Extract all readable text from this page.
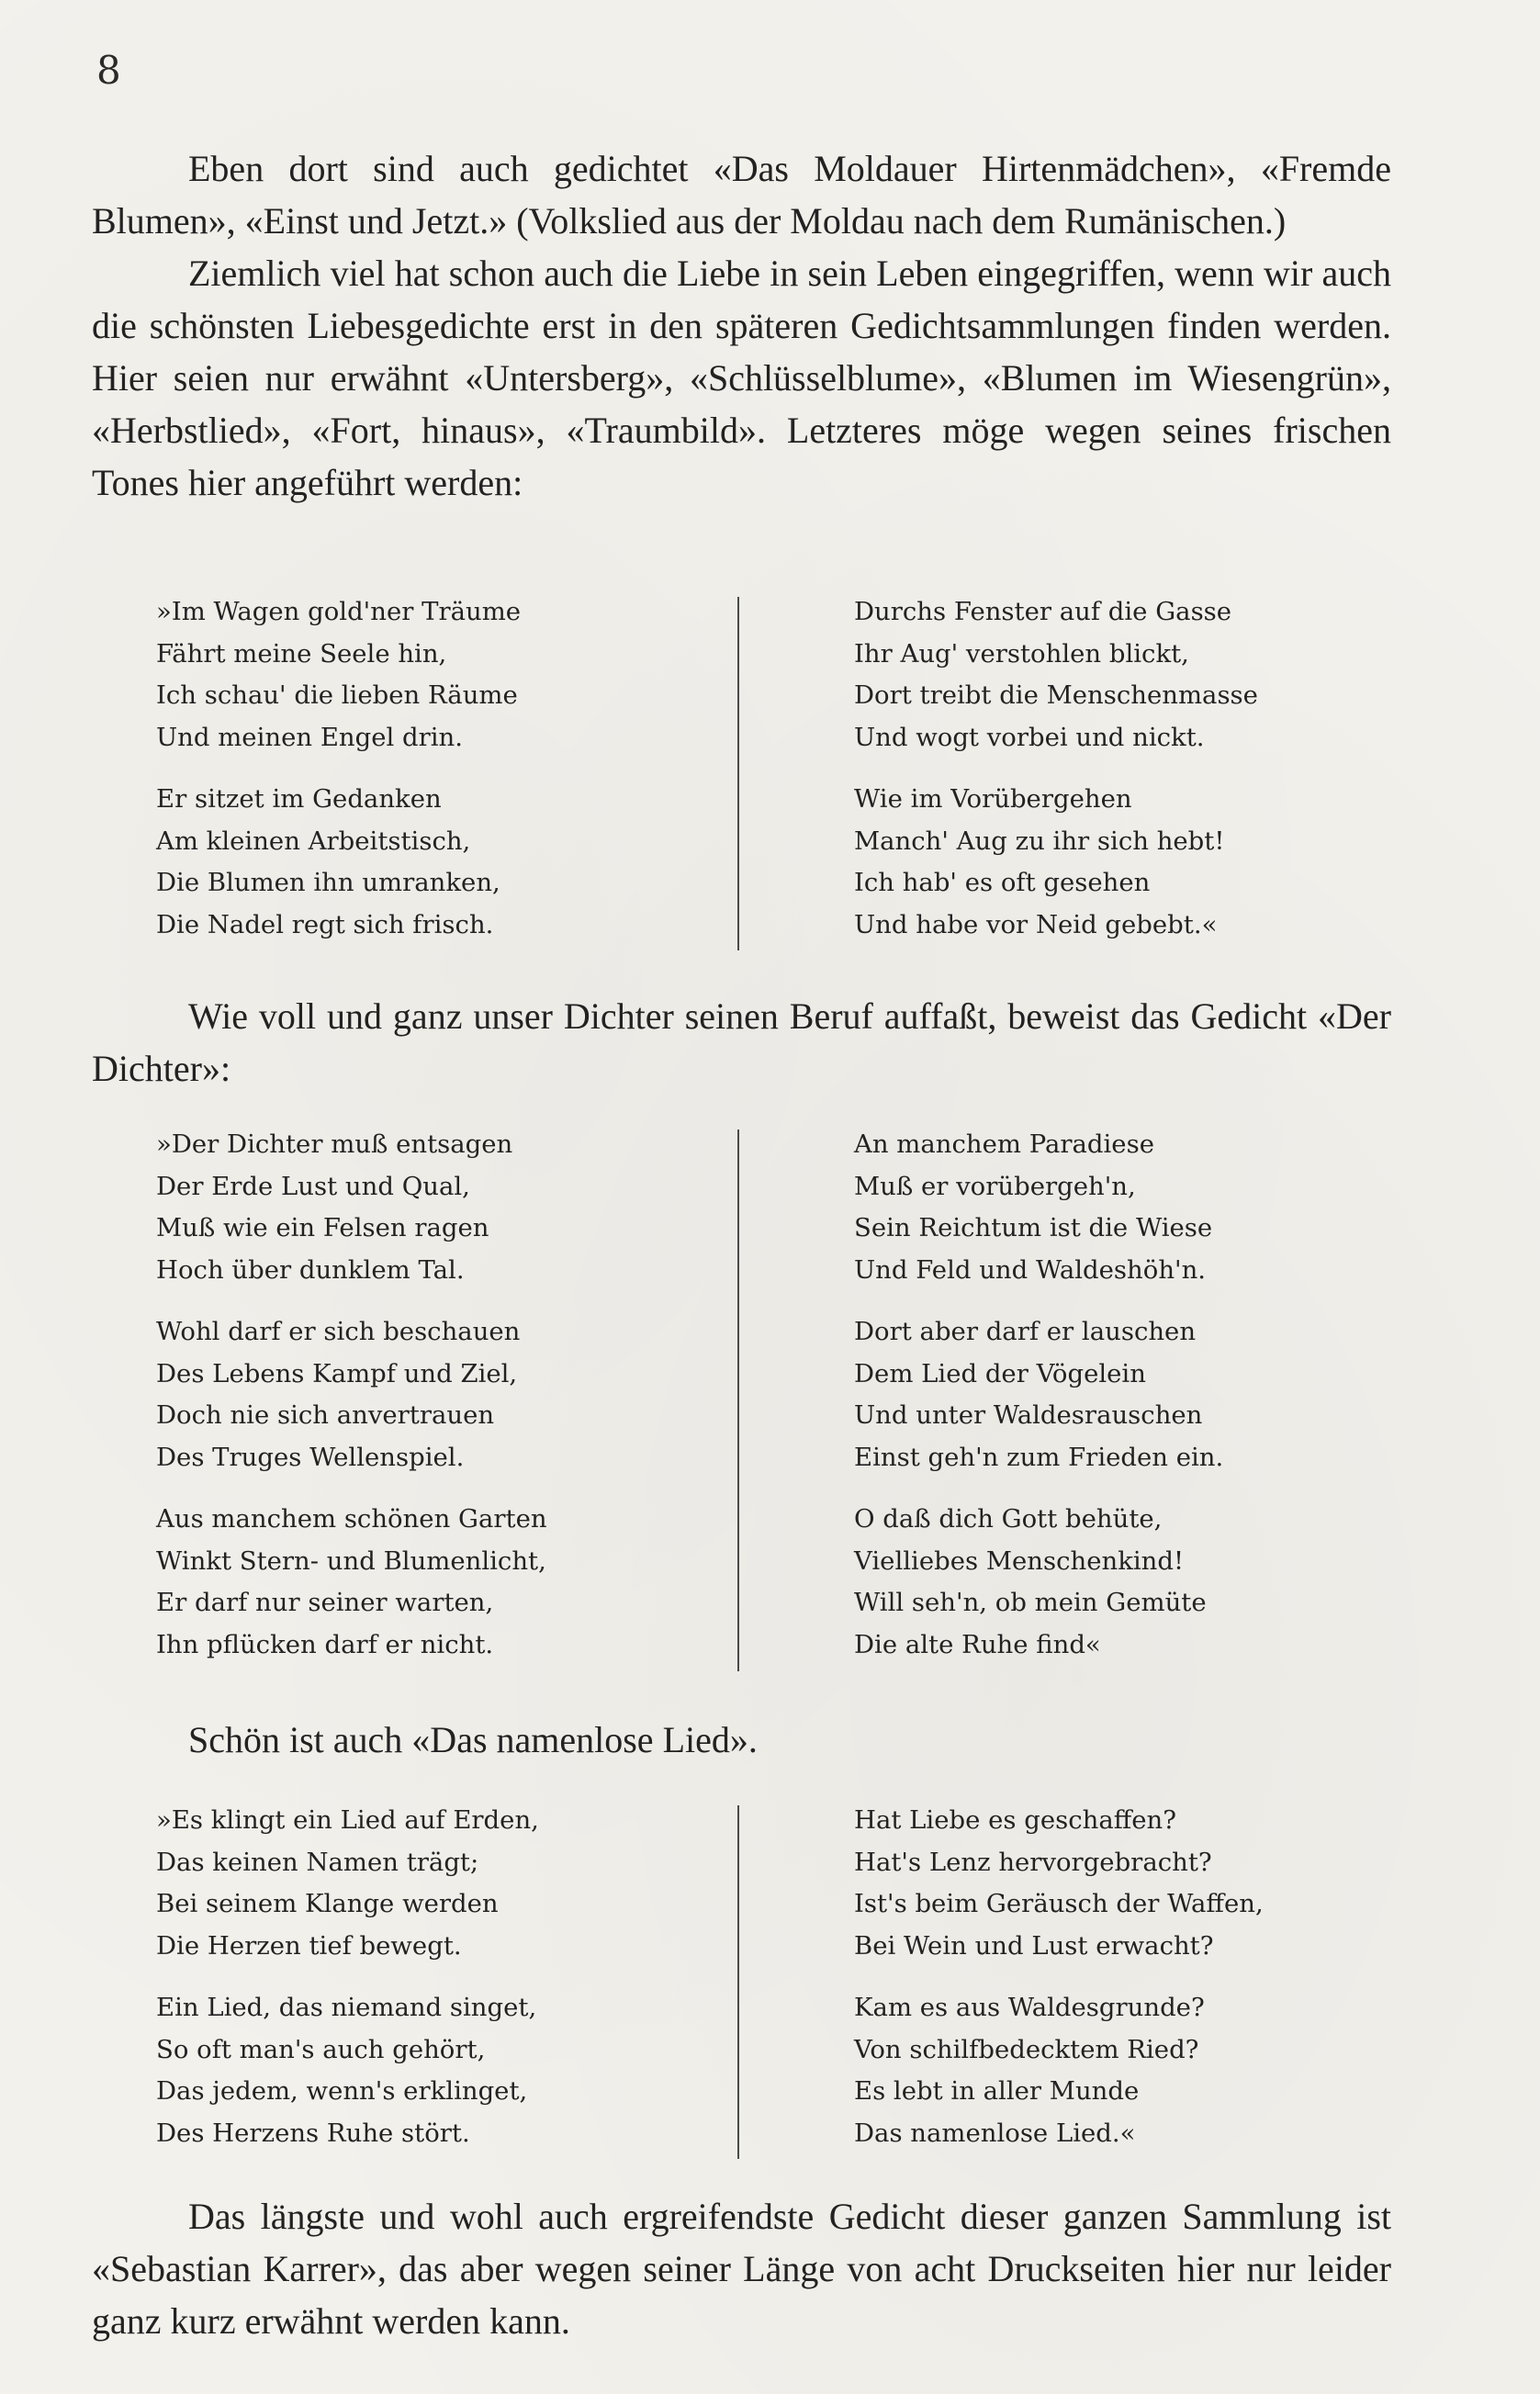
8

Eben dort sind auch gedichtet «Das Moldauer Hirtenmädchen», «Fremde Blumen», «Einst und Jetzt.» (Volkslied aus der Moldau nach dem Rumänischen.)

Ziemlich viel hat schon auch die Liebe in sein Leben eingegriffen, wenn wir auch die schönsten Liebesgedichte erst in den späteren Gedichtsammlungen finden werden. Hier seien nur erwähnt «Untersberg», «Schlüsselblume», «Blumen im Wiesengrün», «Herbstlied», «Fort, hinaus», «Traumbild». Letzteres möge wegen seines frischen Tones hier angeführt werden:

»Im Wagen gold'ner Träume
Fährt meine Seele hin,
Ich schau' die lieben Räume
Und meinen Engel drin.
Er sitzet im Gedanken
Am kleinen Arbeitstisch,
Die Blumen ihn umranken,
Die Nadel regt sich frisch.
Durchs Fenster auf die Gasse
Ihr Aug' verstohlen blickt,
Dort treibt die Menschenmasse
Und wogt vorbei und nickt.
Wie im Vorübergehen
Manch' Aug zu ihr sich hebt!
Ich hab' es oft gesehen
Und habe vor Neid gebebt.«

Wie voll und ganz unser Dichter seinen Beruf auffaßt, beweist das Gedicht «Der Dichter»:

»Der Dichter muß entsagen
Der Erde Lust und Qual,
Muß wie ein Felsen ragen
Hoch über dunklem Tal.
Wohl darf er sich beschauen
Des Lebens Kampf und Ziel,
Doch nie sich anvertrauen
Des Truges Wellenspiel.
Aus manchem schönen Garten
Winkt Stern- und Blumenlicht,
Er darf nur seiner warten,
Ihn pflücken darf er nicht.
An manchem Paradiese
Muß er vorübergeh'n,
Sein Reichtum ist die Wiese
Und Feld und Waldeshöh'n.
Dort aber darf er lauschen
Dem Lied der Vögelein
Und unter Waldesrauschen
Einst geh'n zum Frieden ein.
O daß dich Gott behüte,
Vielliebes Menschenkind!
Will seh'n, ob mein Gemüte
Die alte Ruhe find«
Schön ist auch «Das namenlose Lied».
»Es klingt ein Lied auf Erden,
Das keinen Namen trägt;
Bei seinem Klange werden
Die Herzen tief bewegt.
Ein Lied, das niemand singet,
So oft man's auch gehört,
Das jedem, wenn's erklinget,
Des Herzens Ruhe stört.
Hat Liebe es geschaffen?
Hat's Lenz hervorgebracht?
Ist's beim Geräusch der Waffen,
Bei Wein und Lust erwacht?
Kam es aus Waldesgrunde?
Von schilfbedecktem Ried?
Es lebt in aller Munde
Das namenlose Lied.«

Das längste und wohl auch ergreifendste Gedicht dieser ganzen Sammlung ist «Sebastian Karrer», das aber wegen seiner Länge von acht Druckseiten hier nur leider ganz kurz erwähnt werden kann.
